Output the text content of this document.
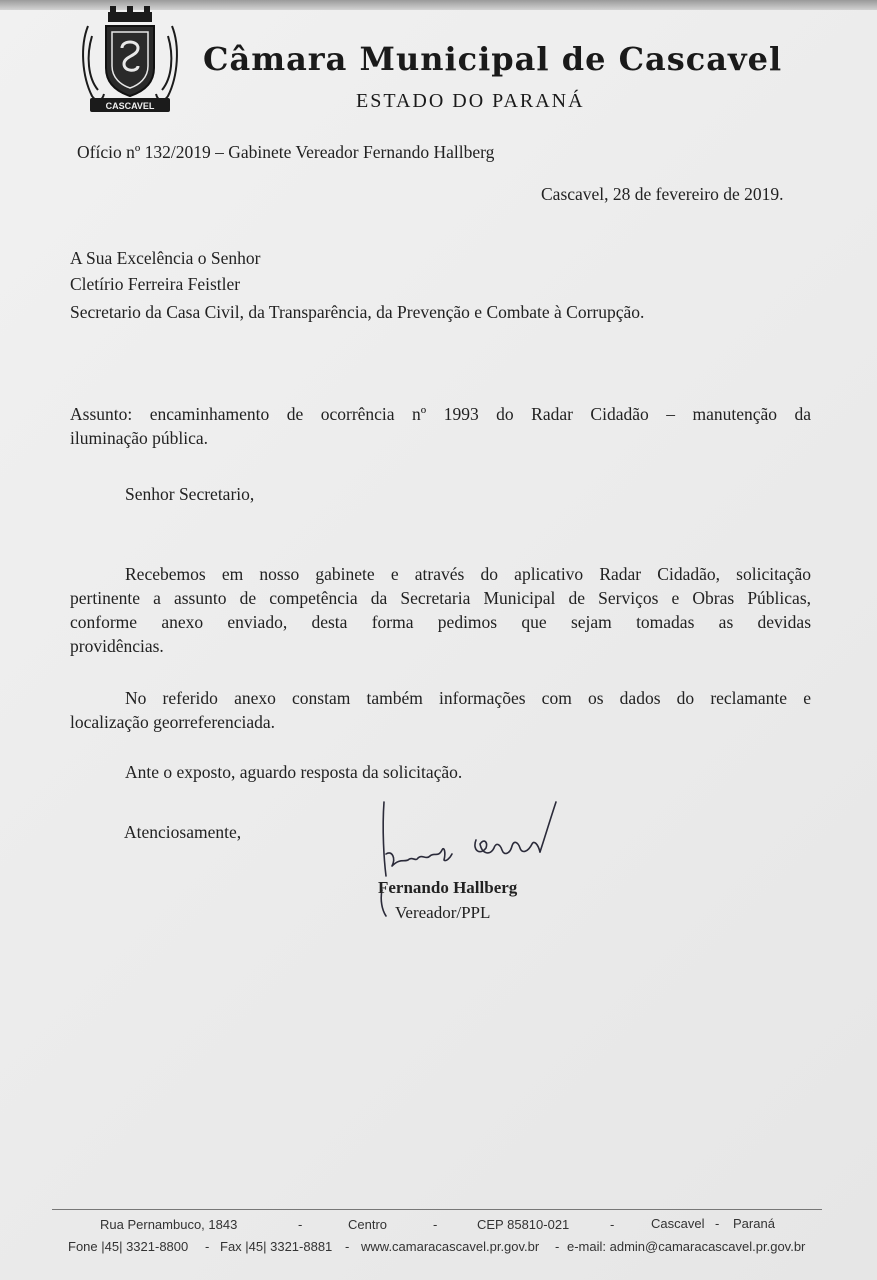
CASCAVEL
Câmara Municipal de Cascavel
ESTADO DO PARANÁ
Ofício nº 132/2019 – Gabinete Vereador Fernando Hallberg
Cascavel, 28 de fevereiro de 2019.
A Sua Excelência o Senhor
Cletírio Ferreira Feistler
Secretario da Casa Civil, da Transparência, da Prevenção e Combate à Corrupção.
Assunto: encaminhamento de ocorrência nº 1993 do Radar Cidadão – manutenção da
iluminação pública.
Senhor Secretario,
Recebemos em nosso gabinete e através do aplicativo Radar Cidadão, solicitação
pertinente a assunto de competência da Secretaria Municipal de Serviços e Obras Públicas,
conforme anexo enviado, desta forma pedimos que sejam tomadas as devidas
providências.
No referido anexo constam também informações com os dados do reclamante e
localização georreferenciada.
Ante o exposto, aguardo resposta da solicitação.
Atenciosamente,
Fernando Hallberg
Vereador/PPL
Rua Pernambuco, 1843	-	Centro	-	CEP 85810-021	-	Cascavel - Paraná
Fone |45| 3321-8800 - Fax |45| 3321-8881 - www.camaracascavel.pr.gov.br - e-mail: admin@camaracascavel.pr.gov.br
